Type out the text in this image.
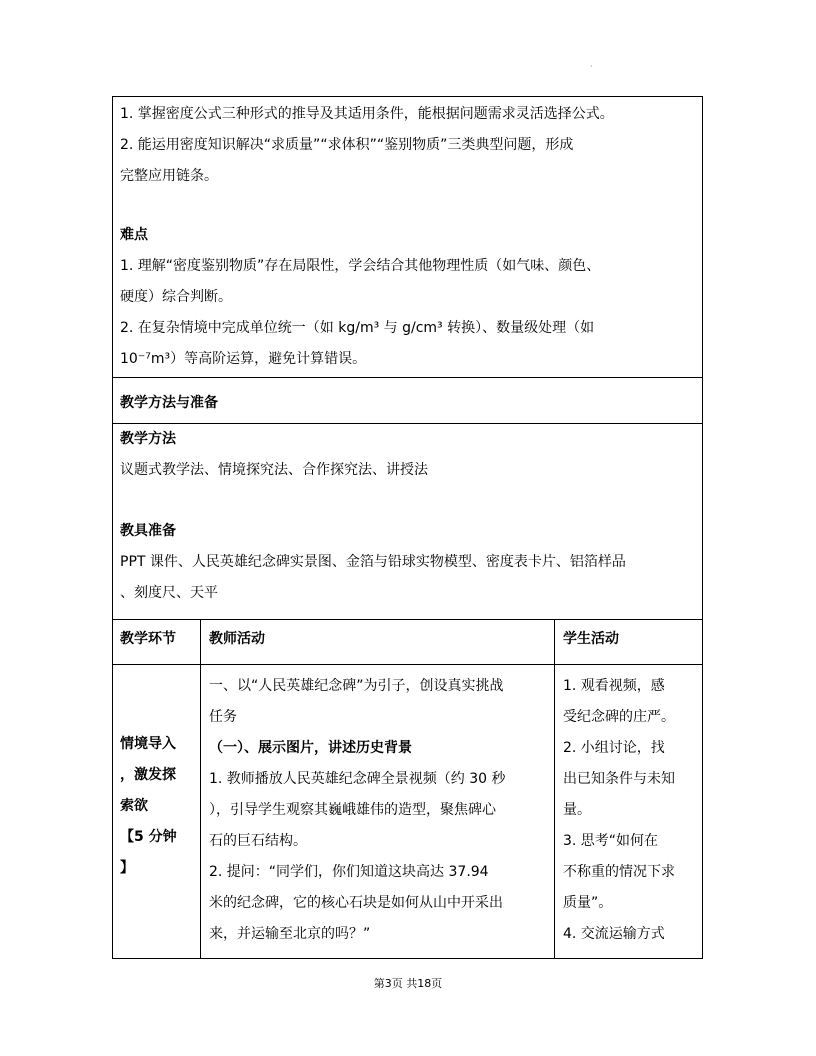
·
1. 掌握密度公式三种形式的推导及其适用条件，能根据问题需求灵活选择公式。
2. 能运用密度知识解决“求质量”“求体积”“鉴别物质”三类典型问题，形成
完整应用链条。
难点
1. 理解“密度鉴别物质”存在局限性，学会结合其他物理性质（如气味、颜色、
硬度）综合判断。
2. 在复杂情境中完成单位统一（如 kg/m³ 与 g/cm³ 转换）、数量级处理（如
10⁻⁷m³）等高阶运算，避免计算错误。
教学方法与准备
教学方法
议题式教学法、情境探究法、合作探究法、讲授法
教具准备
PPT 课件、人民英雄纪念碑实景图、金箔与铅球实物模型、密度表卡片、铝箔样品
、刻度尺、天平
教学环节 教师活动	学生活动
情境导入
，激发探
索欲
【5 分钟
】
一、以“人民英雄纪念碑”为引子，创设真实挑战
任务
（一）、展示图片，讲述历史背景
1. 教师播放人民英雄纪念碑全景视频（约 30 秒
），引导学生观察其巍峨雄伟的造型，聚焦碑心
石的巨石结构。
2. 提问：“同学们，你们知道这块高达 37.94
米的纪念碑，它的核心石块是如何从山中开采出
来，并运输至北京的吗？”
1. 观看视频，感
受纪念碑的庄严。
2. 小组讨论，找
出已知条件与未知
量。
3. 思考“如何在
不称重的情况下求
质量”。
4. 交流运输方式
第3页 共18页
